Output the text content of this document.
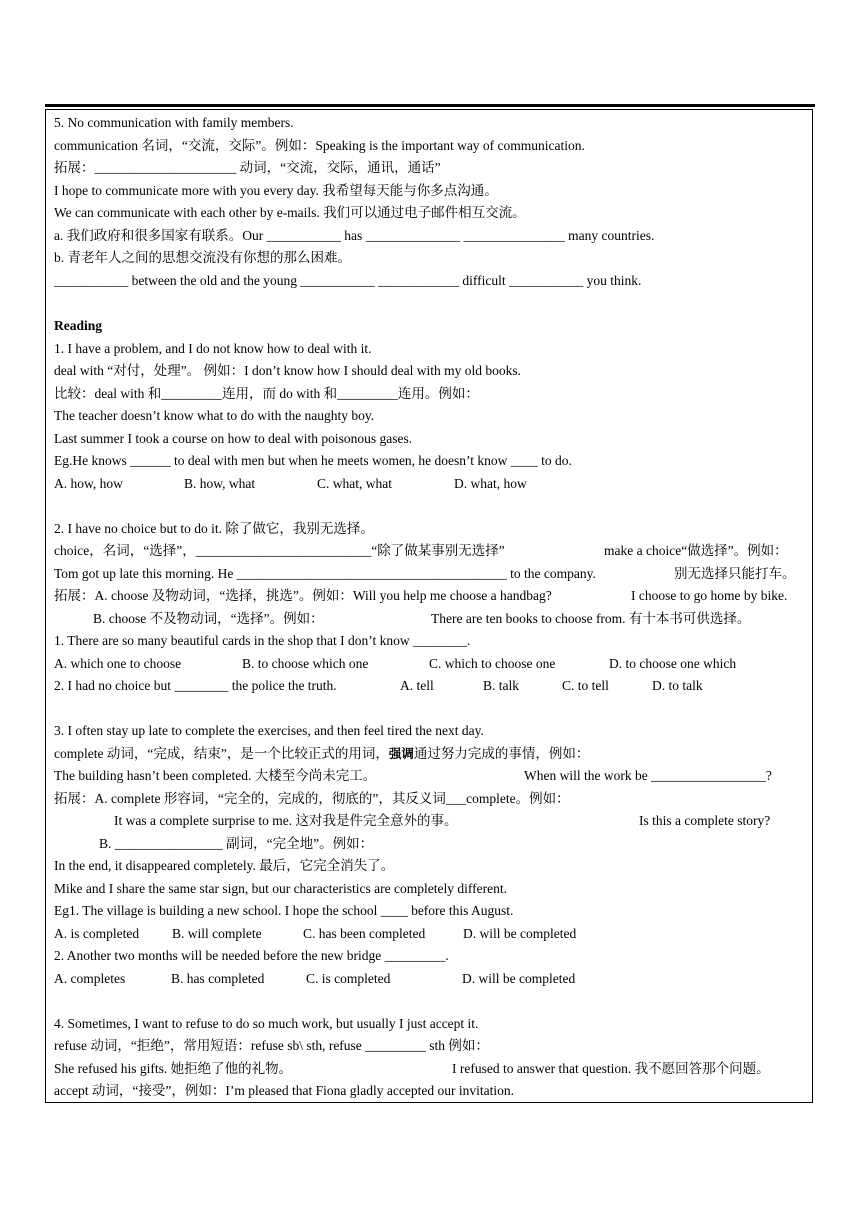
5. No communication with family members.
communication 名词，“交流，交际”。例如：Speaking is the important way of communication.
拓展：_____________________ 动词，“交流，交际，通讯，通话”
I hope to communicate more with you every day. 我希望每天能与你多点沟通。
We can communicate with each other by e-mails. 我们可以通过电子邮件相互交流。
a. 我们政府和很多国家有联系。Our ___________ has ______________ _______________ many countries.
b. 青老年人之间的思想交流没有你想的那么困难。
___________ between the old and the young ___________ ____________ difficult ___________ you think.
Reading
1. I have a problem, and I do not know how to deal with it.
deal with “对付，处理”。 例如：I don’t know how I should deal with my old books.
比较：deal with 和_________连用，而 do with 和_________连用。例如：
The teacher doesn’t know what to do with the naughty boy.
Last summer I took a course on how to deal with poisonous gases.
Eg.He knows ______ to deal with men but when he meets women, he doesn’t know ____ to do.
A. how, how	B. how, what	C. what, what	D. what, how
2. I have no choice but to do it. 除了做它，我别无选择。
choice，名词，“选择”，__________________________“除了做某事别无选择”	make a choice“做选择”。例如：
Tom got up late this morning. He ________________________________________ to the company.	别无选择只能打车。
拓展：A. choose 及物动词，“选择，挑选”。例如：Will you help me choose a handbag?	I choose to go home by bike.
B. choose 不及物动词，“选择”。例如：	There are ten books to choose from. 有十本书可供选择。
1. There are so many beautiful cards in the shop that I don’t know ________.
A. which one to choose	B. to choose which one	C. which to choose one	D. to choose one which
2. I had no choice but ________ the police the truth.	A. tell	B. talk	C. to tell	D. to talk
3. I often stay up late to complete the exercises, and then feel tired the next day.
complete 动词，“完成，结束”，是一个比较正式的用词，强调通过努力完成的事情，例如：
The building hasn’t been completed. 大楼至今尚未完工。	When will the work be _________________?
拓展：A. complete 形容词，“完全的，完成的，彻底的”，其反义词___complete。例如：
It was a complete surprise to me. 这对我是件完全意外的事。	Is this a complete story?
B. ________________ 副词，“完全地”。例如：
In the end, it disappeared completely. 最后，它完全消失了。
Mike and I share the same star sign, but our characteristics are completely different.
Eg1. The village is building a new school. I hope the school ____ before this August.
A. is completed B. will complete	C. has been completed	D. will be completed
2. Another two months will be needed before the new bridge _________.
A. completes	B. has completed	C. is completed	D. will be completed
4. Sometimes, I want to refuse to do so much work, but usually I just accept it.
refuse 动词，“拒绝”，常用短语：refuse sb\ sth, refuse _________ sth 例如：
She refused his gifts. 她拒绝了他的礼物。	I refused to answer that question. 我不愿回答那个问题。
accept 动词，“接受”，例如：I’m pleased that Fiona gladly accepted our invitation.
